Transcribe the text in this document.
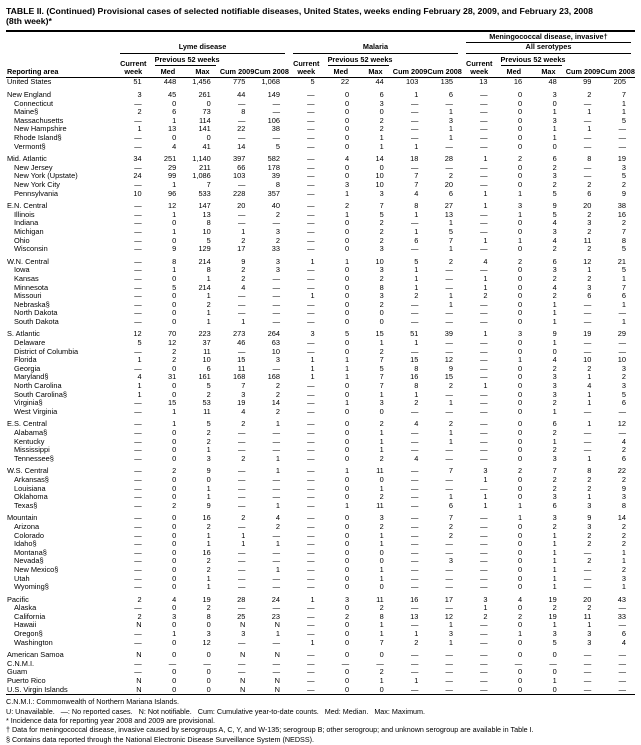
TABLE II. (Continued) Provisional cases of selected notifiable diseases, United States, weeks ending February 28, 2009, and February 23, 2008
(8th week)*
Reporting area	Lyme disease					Malaria					Meningococcal disease, invasive†
All serotypes				

	Current week	Previous 52 weeks		Cum 2009	Cum 2008	Current week	Previous 52 weeks		Cum 2009	Cum 2008	Current week	Previous 52 weeks		Cum 2009	Cum 2008
		Med	Max				Med	Max				Med	Max		
United States	51	448	1,456	775	1,068	5	22	44	103	135	13	16	48	99	205
New England	3	45	261	44	149	—	0	6	1	6	—	0	3	2	7
Connecticut	—	0	0	—	—	—	0	3	—	—	—	0	0	—	1
Maine§	2	6	73	8	—	—	0	0	—	1	—	0	1	1	1
Massachusetts	—	1	114	—	106	—	0	2	—	3	—	0	3	—	5
New Hampshire	1	13	141	22	38	—	0	2	—	1	—	0	1	1	—
Rhode Island§	—	0	0	—	—	—	0	1	—	1	—	0	1	—	—
Vermont§	—	4	41	14	5	—	0	1	1	—	—	0	0	—	—
Mid. Atlantic	34	251	1,140	397	582	—	4	14	18	28	1	2	6	8	19
New Jersey	—	29	211	66	178	—	0	0	—	—	—	0	2	—	3
New York (Upstate)	24	99	1,086	103	39	—	0	10	7	2	—	0	3	—	5
New York City	—	1	7	—	8	—	3	10	7	20	—	0	2	2	2
Pennsylvania	10	96	533	228	357	—	1	3	4	6	1	1	5	6	9
E.N. Central	—	12	147	20	40	—	2	7	8	27	1	3	9	20	38
Illinois	—	1	13	—	2	—	1	5	1	13	—	1	5	2	16
Indiana	—	0	8	—	—	—	0	2	—	1	—	0	4	3	2
Michigan	—	1	10	1	3	—	0	2	1	5	—	0	3	2	7
Ohio	—	0	5	2	2	—	0	2	6	7	1	1	4	11	8
Wisconsin	—	9	129	17	33	—	0	3	—	1	—	0	2	2	5
W.N. Central	—	8	214	9	3	1	1	10	5	2	4	2	6	12	21
Iowa	—	1	8	2	3	—	0	3	1	—	—	0	3	1	5
Kansas	—	0	1	2	—	—	0	2	1	—	1	0	2	2	1
Minnesota	—	5	214	4	—	—	0	8	1	—	1	0	4	3	7
Missouri	—	0	1	—	—	1	0	3	2	1	2	0	2	6	6
Nebraska§	—	0	2	—	—	—	0	2	—	1	—	0	1	—	1
North Dakota	—	0	1	—	—	—	0	0	—	—	—	0	1	—	—
South Dakota	—	0	1	1	—	—	0	0	—	—	—	0	1	—	1
S. Atlantic	12	70	223	273	264	3	5	15	51	39	1	3	9	19	29
Delaware	5	12	37	46	63	—	0	1	1	—	—	0	1	—	—
District of Columbia	—	2	11	—	10	—	0	2	—	—	—	0	0	—	—
Florida	1	2	10	15	3	1	1	7	15	12	—	1	4	10	10
Georgia	—	0	6	11	—	1	1	5	8	9	—	0	2	2	3
Maryland§	4	31	161	168	168	1	1	7	16	15	—	0	3	1	2
North Carolina	1	0	5	7	2	—	0	7	8	2	1	0	3	4	3
South Carolina§	1	0	2	3	2	—	0	1	1	—	—	0	3	1	5
Virginia§	—	15	53	19	14	—	1	3	2	1	—	0	2	1	6
West Virginia	—	1	11	4	2	—	0	0	—	—	—	0	1	—	—
E.S. Central	—	1	5	2	1	—	0	2	4	2	—	0	6	1	12
Alabama§	—	0	2	—	—	—	0	1	—	1	—	0	2	—	—
Kentucky	—	0	2	—	—	—	0	1	—	1	—	0	1	—	4
Mississippi	—	0	1	—	—	—	0	1	—	—	—	0	2	—	2
Tennessee§	—	0	3	2	1	—	0	2	4	—	—	0	3	1	6
W.S. Central	—	2	9	—	1	—	1	11	—	7	3	2	7	8	22
Arkansas§	—	0	0	—	—	—	0	0	—	—	1	0	2	2	2
Louisiana	—	0	1	—	—	—	0	1	—	—	—	0	2	2	9
Oklahoma	—	0	1	—	—	—	0	2	—	1	1	0	3	1	3
Texas§	—	2	9	—	1	—	1	11	—	6	1	1	6	3	8
Mountain	—	0	16	2	4	—	0	3	—	7	—	1	3	9	14
Arizona	—	0	2	—	2	—	0	2	—	2	—	0	2	3	2
Colorado	—	0	1	1	—	—	0	1	—	2	—	0	1	2	2
Idaho§	—	0	1	1	1	—	0	1	—	—	—	0	1	2	2
Montana§	—	0	16	—	—	—	0	0	—	—	—	0	1	—	1
Nevada§	—	0	2	—	—	—	0	0	—	3	—	0	1	2	1
New Mexico§	—	0	2	—	1	—	0	1	—	—	—	0	1	—	2
Utah	—	0	1	—	—	—	0	1	—	—	—	0	1	—	3
Wyoming§	—	0	1	—	—	—	0	0	—	—	—	0	1	—	1
Pacific	2	4	19	28	24	1	3	11	16	17	3	4	19	20	43
Alaska	—	0	2	—	—	—	0	2	—	—	1	0	2	2	—
California	2	3	8	25	23	—	2	8	13	12	2	2	19	11	33
Hawaii	N	0	0	N	N	—	0	1	—	1	—	0	1	1	—
Oregon§	—	1	3	3	1	—	0	1	1	3	—	1	3	3	6
Washington	—	0	12	—	—	1	0	7	2	1	—	0	5	3	4
American Samoa	N	0	0	N	N	—	0	0	—	—	—	0	0	—	—
C.N.M.I.	—	—	—	—	—	—	—	—	—	—	—	—	—	—	—
Guam	—	0	0	—	—	—	0	2	—	—	—	0	0	—	—
Puerto Rico	N	0	0	N	N	—	0	1	1	—	—	0	1	—	—
U.S. Virgin Islands	N	0	0	N	N	—	0	0	—	—	—	0	0	—	—
C.N.M.I.: Commonwealth of Northern Mariana Islands.
U: Unavailable.   —: No reported cases.   N: Not notifiable.   Cum: Cumulative year-to-date counts.   Med: Median.   Max: Maximum.
* Incidence data for reporting year 2008 and 2009 are provisional.
† Data for meningococcal disease, invasive caused by serogroups A, C, Y, and W-135; serogroup B; other serogroup; and unknown serogroup are available in Table I.
§ Contains data reported through the National Electronic Disease Surveillance System (NEDSS).
